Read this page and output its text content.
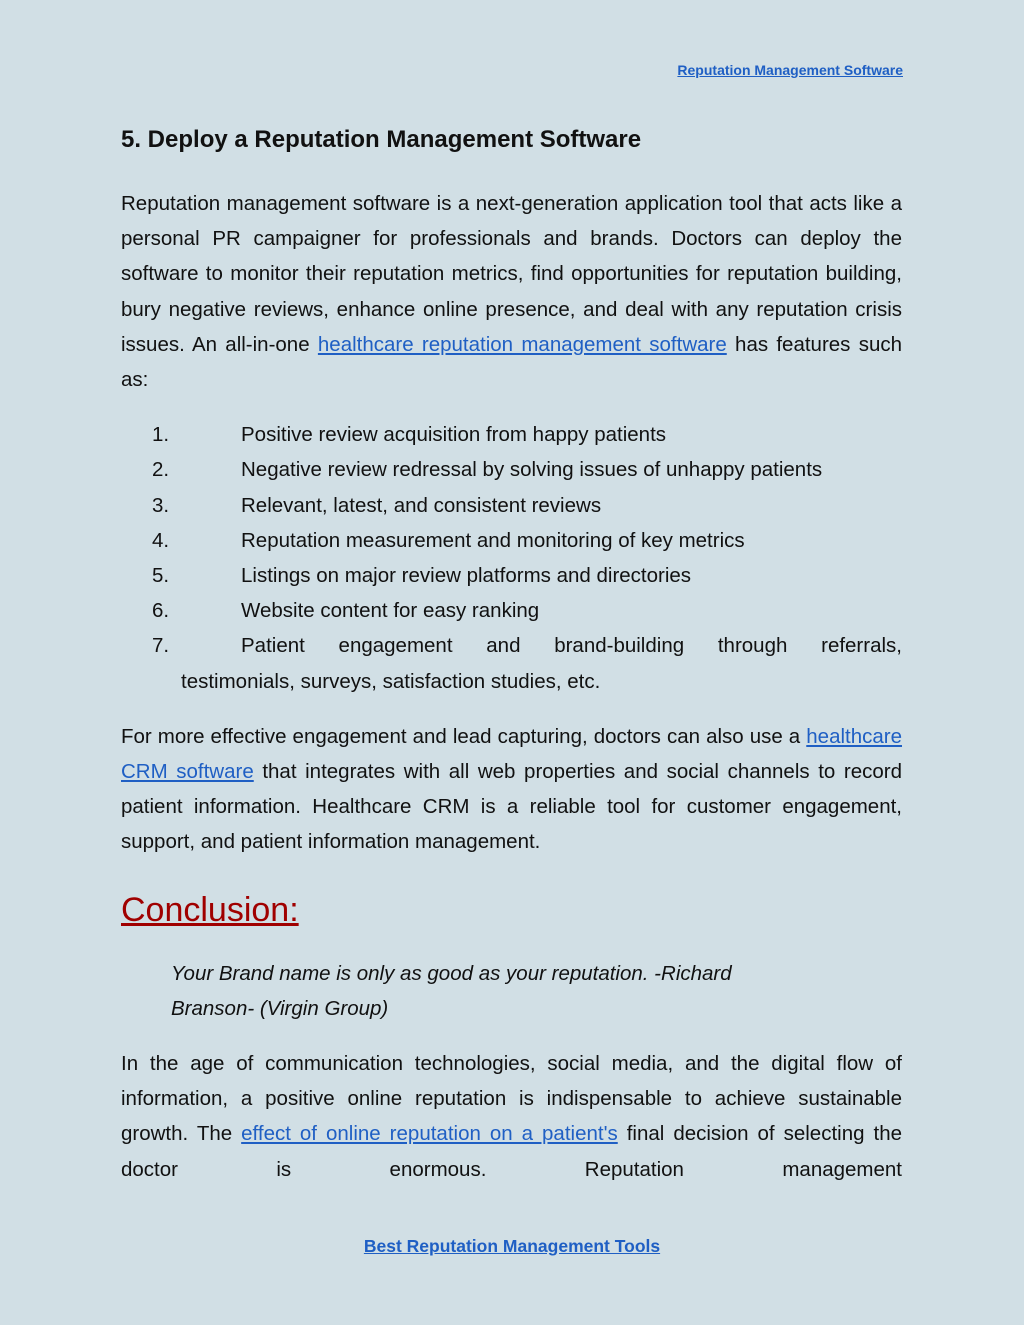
Reputation Management Software
5. Deploy a Reputation Management Software

Reputation management software is a next-generation application tool that acts like a personal PR campaigner for professionals and brands. Doctors can deploy the software to monitor their reputation metrics, find opportunities for reputation building, bury negative reviews, enhance online presence, and deal with any reputation crisis issues. An all-in-one healthcare reputation management software has features such as:

1.	Positive review acquisition from happy patients
2.	Negative review redressal by solving issues of unhappy patients
3.	Relevant, latest, and consistent reviews
4.	Reputation measurement and monitoring of key metrics
5.	Listings on major review platforms and directories
6.	Website content for easy ranking
7.	Patient engagement and brand-building through referrals,
testimonials, surveys, satisfaction studies, etc.

For more effective engagement and lead capturing, doctors can also use a healthcare CRM software that integrates with all web properties and social channels to record patient information. Healthcare CRM is a reliable tool for customer engagement, support, and patient information management.

Conclusion:

Your Brand name is only as good as your reputation. -Richard Branson- (Virgin Group)

In the age of communication technologies, social media, and the digital flow of information, a positive online reputation is indispensable to achieve sustainable growth. The effect of online reputation on a patient's final decision of selecting the doctor is enormous. Reputation management

Best Reputation Management Tools
